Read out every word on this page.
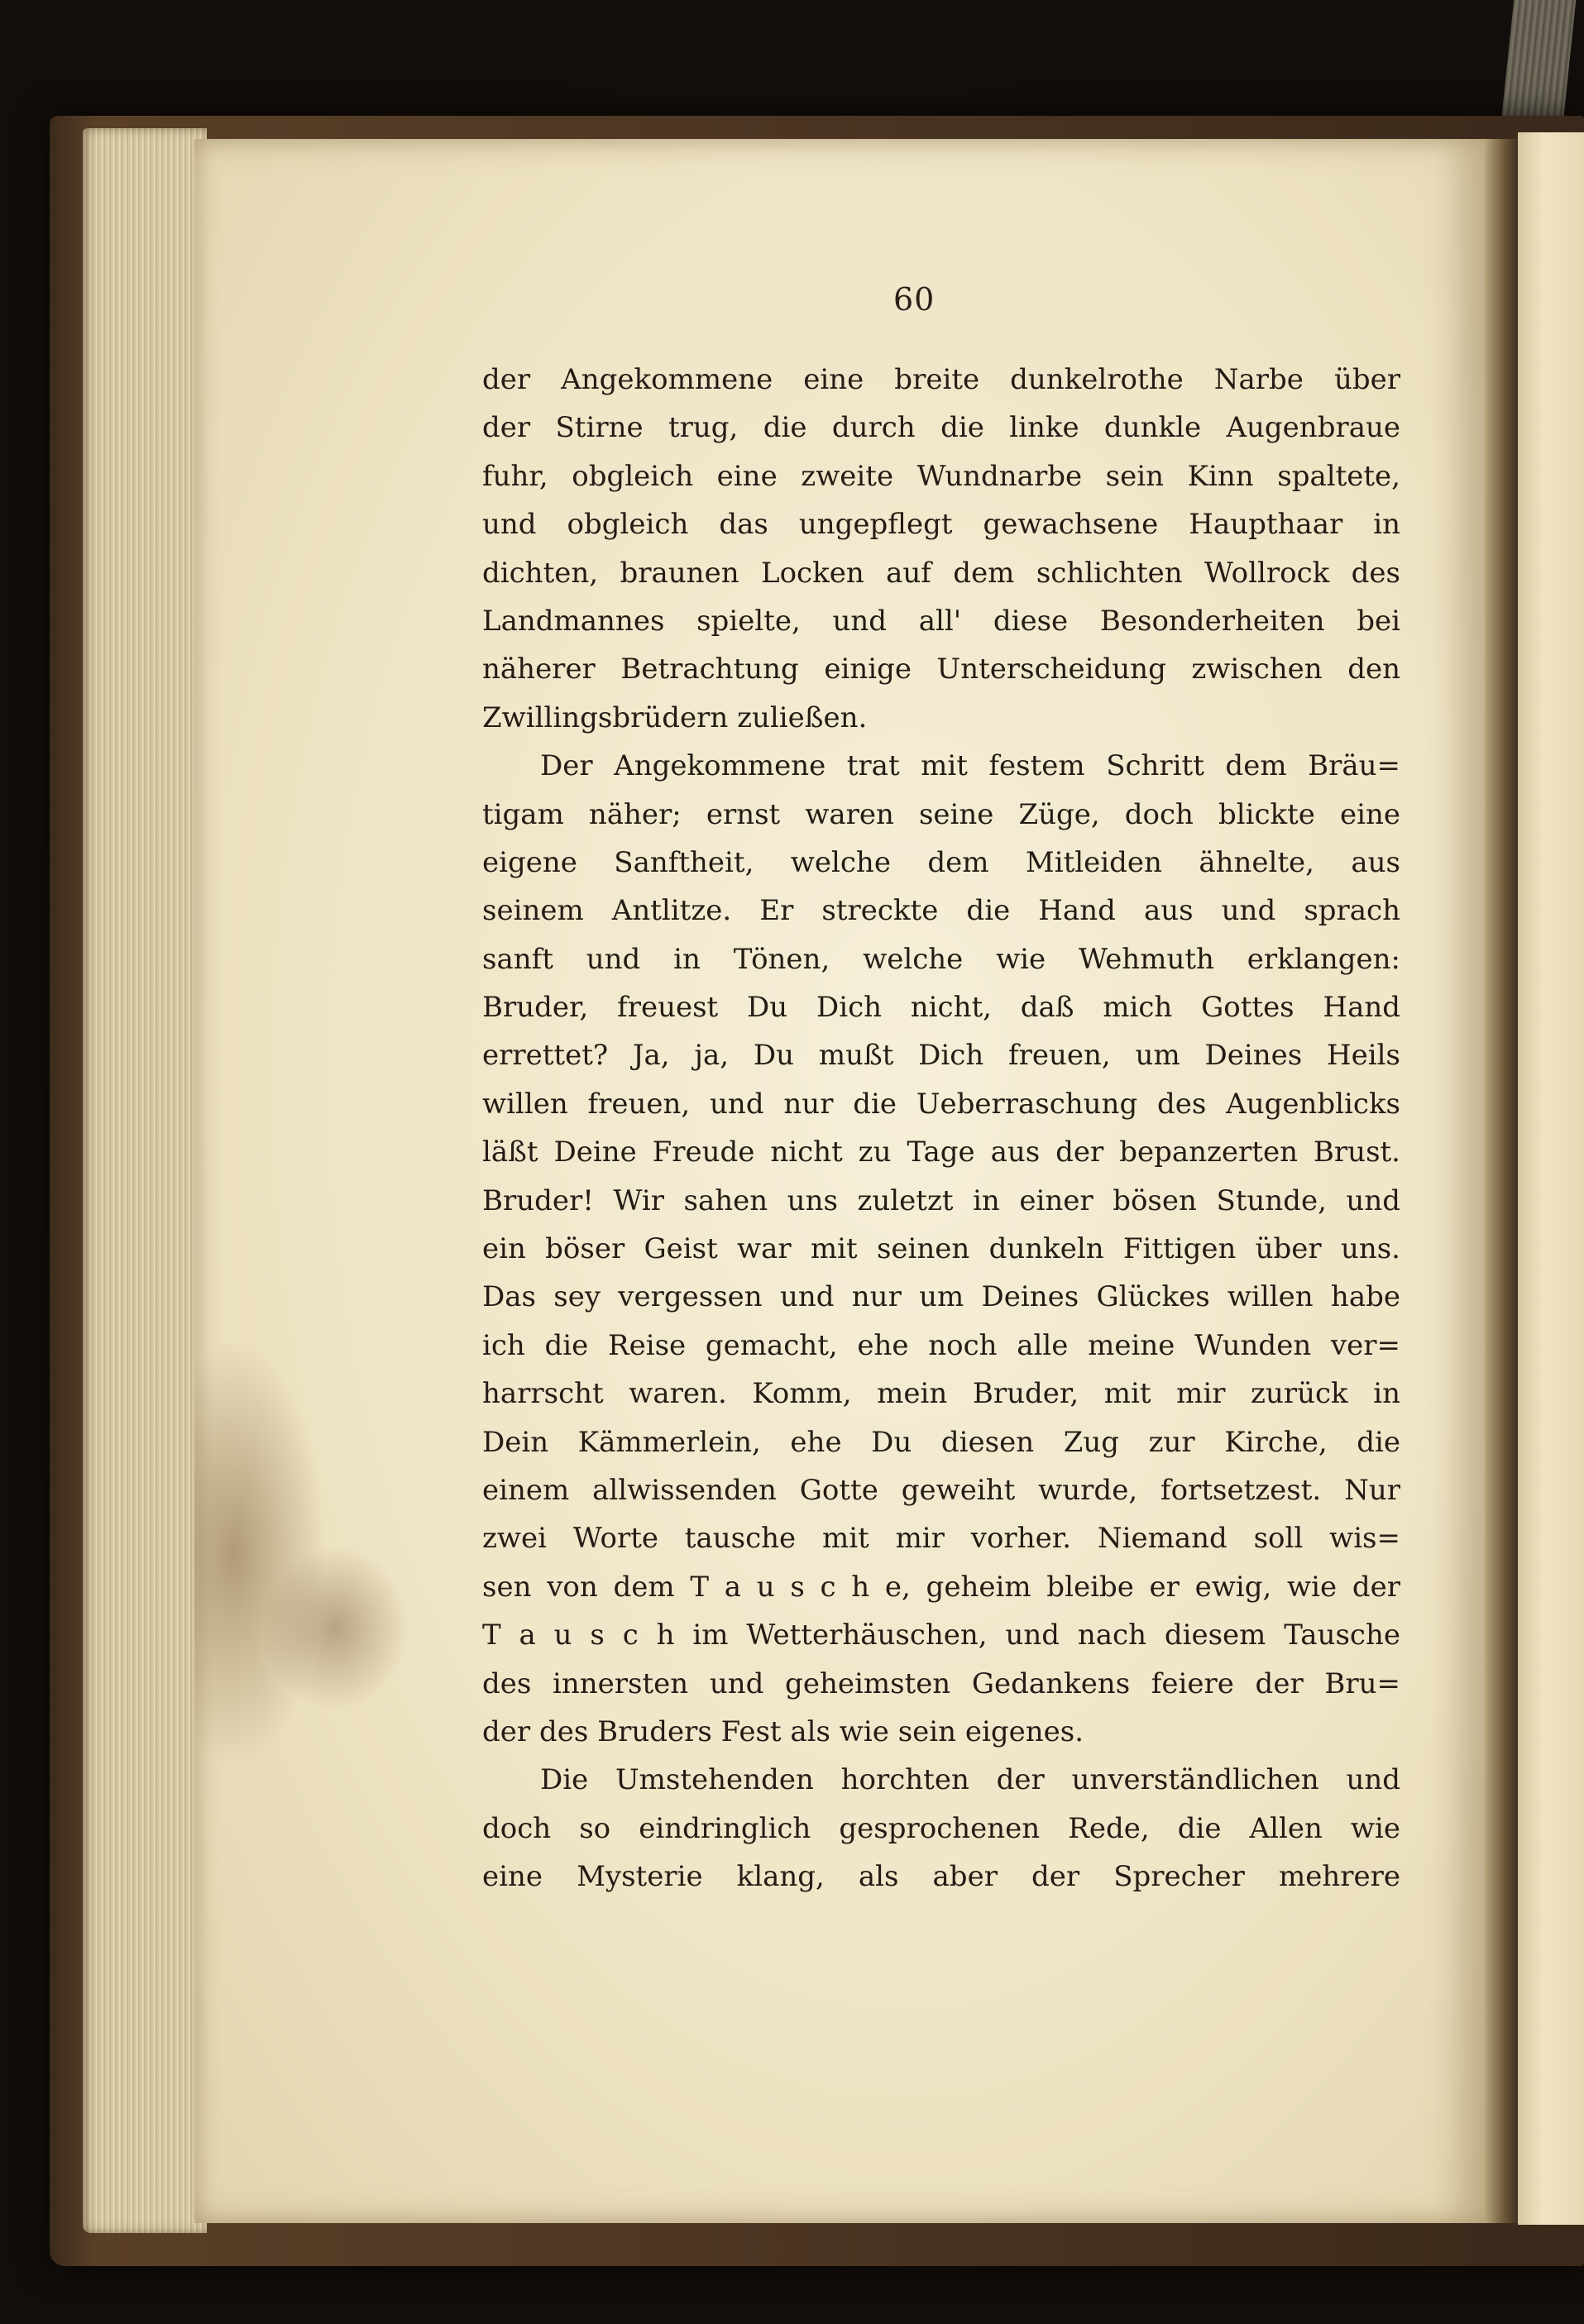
60
der Angekommene eine breite dunkelrothe Narbe über
der Stirne trug, die durch die linke dunkle Augenbraue
fuhr, obgleich eine zweite Wundnarbe sein Kinn spaltete,
und obgleich das ungepflegt gewachsene Haupthaar in
dichten, braunen Locken auf dem schlichten Wollrock des
Landmannes spielte, und all' diese Besonderheiten bei
näherer Betrachtung einige Unterscheidung zwischen den
Zwillingsbrüdern zuließen.
Der Angekommene trat mit festem Schritt dem Bräu=
tigam näher; ernst waren seine Züge, doch blickte eine
eigene Sanftheit, welche dem Mitleiden ähnelte, aus
seinem Antlitze. Er streckte die Hand aus und sprach
sanft und in Tönen, welche wie Wehmuth erklangen:
Bruder, freuest Du Dich nicht, daß mich Gottes Hand
errettet? Ja, ja, Du mußt Dich freuen, um Deines Heils
willen freuen, und nur die Ueberraschung des Augenblicks
läßt Deine Freude nicht zu Tage aus der bepanzerten Brust.
Bruder! Wir sahen uns zuletzt in einer bösen Stunde, und
ein böser Geist war mit seinen dunkeln Fittigen über uns.
Das sey vergessen und nur um Deines Glückes willen habe
ich die Reise gemacht, ehe noch alle meine Wunden ver=
harrscht waren. Komm, mein Bruder, mit mir zurück in
Dein Kämmerlein, ehe Du diesen Zug zur Kirche, die
einem allwissenden Gotte geweiht wurde, fortsetzest. Nur
zwei Worte tausche mit mir vorher. Niemand soll wis=
sen von dem T a u s c h e, geheim bleibe er ewig, wie der
T a u s c h im Wetterhäuschen, und nach diesem Tausche
des innersten und geheimsten Gedankens feiere der Bru=
der des Bruders Fest als wie sein eigenes.
Die Umstehenden horchten der unverständlichen und
doch so eindringlich gesprochenen Rede, die Allen wie
eine Mysterie klang, als aber der Sprecher mehrere
